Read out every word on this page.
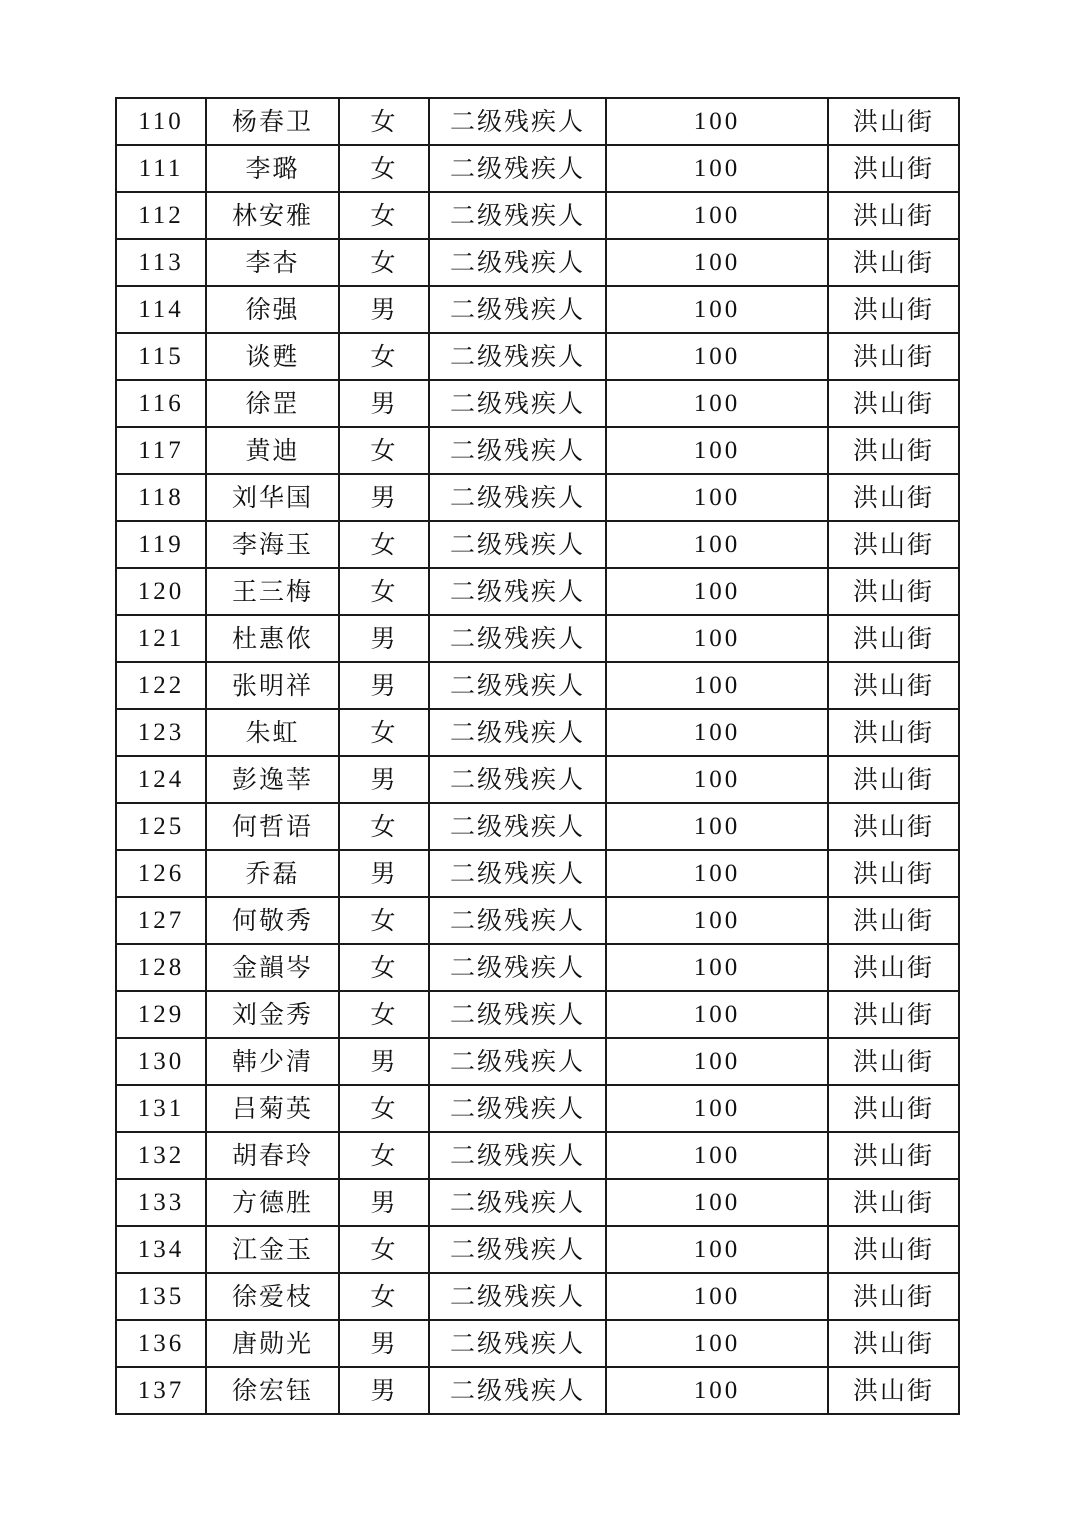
110	杨春卫	女	二级残疾人	100	洪山街
111	李璐	女	二级残疾人	100	洪山街
112	林安雅	女	二级残疾人	100	洪山街
113	李杏	女	二级残疾人	100	洪山街
114	徐强	男	二级残疾人	100	洪山街
115	谈甦	女	二级残疾人	100	洪山街
116	徐罡	男	二级残疾人	100	洪山街
117	黄迪	女	二级残疾人	100	洪山街
118	刘华国	男	二级残疾人	100	洪山街
119	李海玉	女	二级残疾人	100	洪山街
120	王三梅	女	二级残疾人	100	洪山街
121	杜惠侬	男	二级残疾人	100	洪山街
122	张明祥	男	二级残疾人	100	洪山街
123	朱虹	女	二级残疾人	100	洪山街
124	彭逸莘	男	二级残疾人	100	洪山街
125	何哲语	女	二级残疾人	100	洪山街
126	乔磊	男	二级残疾人	100	洪山街
127	何敬秀	女	二级残疾人	100	洪山街
128	金韻岑	女	二级残疾人	100	洪山街
129	刘金秀	女	二级残疾人	100	洪山街
130	韩少清	男	二级残疾人	100	洪山街
131	吕菊英	女	二级残疾人	100	洪山街
132	胡春玲	女	二级残疾人	100	洪山街
133	方德胜	男	二级残疾人	100	洪山街
134	江金玉	女	二级残疾人	100	洪山街
135	徐爱枝	女	二级残疾人	100	洪山街
136	唐勋光	男	二级残疾人	100	洪山街
137	徐宏钰	男	二级残疾人	100	洪山街
